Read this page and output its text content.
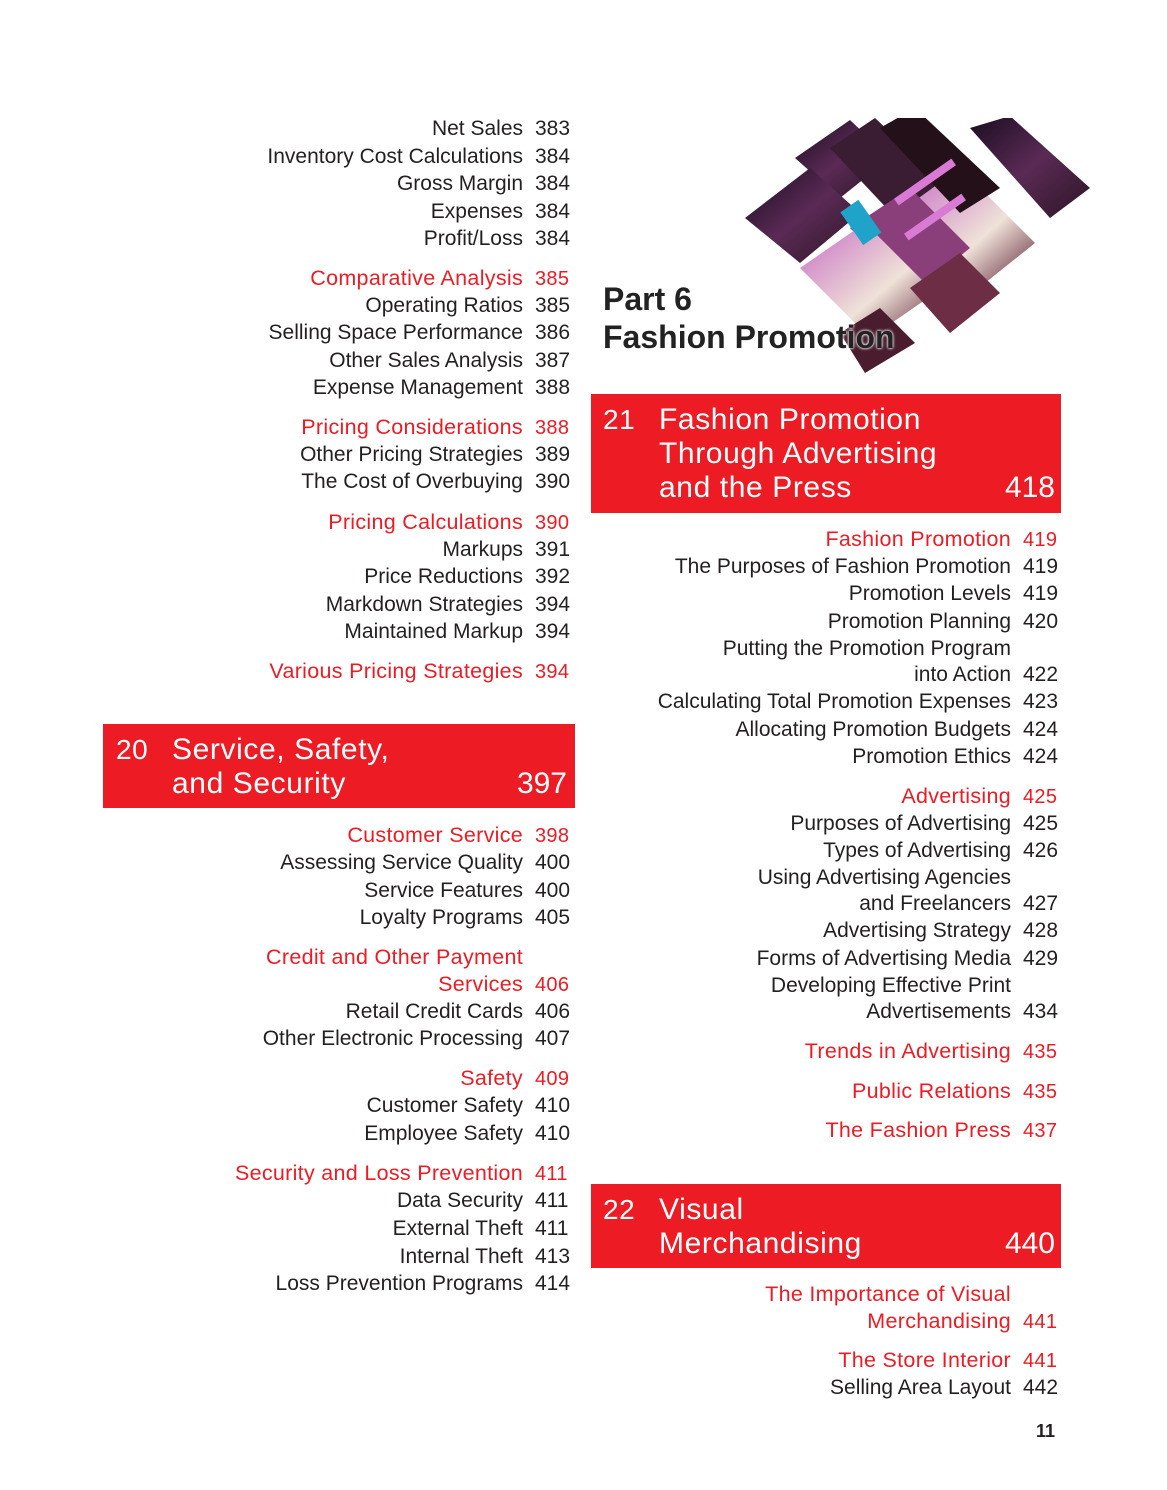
Net Sales 383
Inventory Cost Calculations 384
Gross Margin 384
Expenses 384
Profit/Loss 384
Comparative Analysis 385
Operating Ratios 385
Selling Space Performance 386
Other Sales Analysis 387
Expense Management 388
Pricing Considerations 388
Other Pricing Strategies 389
The Cost of Overbuying 390
Pricing Calculations 390
Markups 391
Price Reductions 392
Markdown Strategies 394
Maintained Markup 394
Various Pricing Strategies 394
Customer Service 398
Assessing Service Quality 400
Service Features 400
Loyalty Programs 405
Credit and Other Payment
Services 406
Retail Credit Cards 406
Other Electronic Processing 407
Safety 409
Customer Safety 410
Employee Safety 410
Security and Loss Prevention 411
Data Security 411
External Theft 411
Internal Theft 413
Loss Prevention Programs 414
20 Service, Safety,
and Security	397
Part 6
Fashion Promotion
21 Fashion Promotion
Through Advertising
and the Press	418
Fashion Promotion 419
The Purposes of Fashion Promotion 419
Promotion Levels 419
Promotion Planning 420
Putting the Promotion Program
into Action 422
Calculating Total Promotion Expenses 423
Allocating Promotion Budgets 424
Promotion Ethics 424
Advertising 425
Purposes of Advertising 425
Types of Advertising 426
Using Advertising Agencies
and Freelancers 427
Advertising Strategy 428
Forms of Advertising Media 429
Developing Effective Print
Advertisements 434
Trends in Advertising 435
Public Relations 435
The Fashion Press 437
The Importance of Visual
Merchandising 441
The Store Interior 441
Selling Area Layout 442
22 Visual
Merchandising	440
11
